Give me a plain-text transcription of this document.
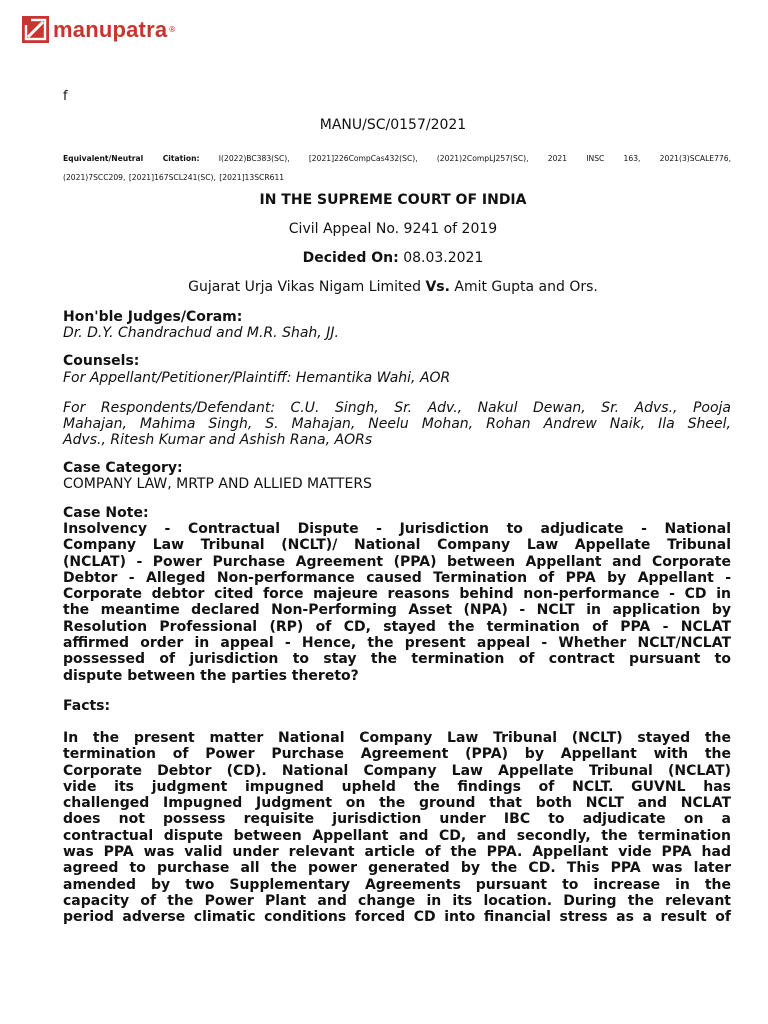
manupatra ®
f
MANU/SC/0157/2021
Equivalent/Neutral Citation:	I(2022)BC383(SC), [2021]226CompCas432(SC), (2021)2CompLJ257(SC), 2021 INSC 163, 2021(3)SCALE776,
(2021)7SCC209, [2021]167SCL241(SC), [2021]13SCR611
IN THE SUPREME COURT OF INDIA
Civil Appeal No. 9241 of 2019
Decided On: 08.03.2021
Gujarat Urja Vikas Nigam Limited Vs. Amit Gupta and Ors.
Hon'ble Judges/Coram:
Dr. D.Y. Chandrachud and M.R. Shah, JJ.
Counsels:
For Appellant/Petitioner/Plaintiff: Hemantika Wahi, AOR
For Respondents/Defendant: C.U. Singh, Sr. Adv., Nakul Dewan, Sr. Advs., Pooja
Mahajan, Mahima Singh, S. Mahajan, Neelu Mohan, Rohan Andrew Naik, Ila Sheel,
Advs., Ritesh Kumar and Ashish Rana, AORs
Case Category:
COMPANY LAW, MRTP AND ALLIED MATTERS
Case Note:
Insolvency - Contractual Dispute - Jurisdiction to adjudicate - National
Company Law Tribunal (NCLT)/ National Company Law Appellate Tribunal
(NCLAT) - Power Purchase Agreement (PPA) between Appellant and Corporate
Debtor - Alleged Non-performance caused Termination of PPA by Appellant -
Corporate debtor cited force majeure reasons behind non-performance - CD in
the meantime declared Non-Performing Asset (NPA) - NCLT in application by
Resolution Professional (RP) of CD, stayed the termination of PPA - NCLAT
affirmed order in appeal - Hence, the present appeal - Whether NCLT/NCLAT
possessed of jurisdiction to stay the termination of contract pursuant to
dispute between the parties thereto?
Facts:
In the present matter National Company Law Tribunal (NCLT) stayed the
termination of Power Purchase Agreement (PPA) by Appellant with the
Corporate Debtor (CD). National Company Law Appellate Tribunal (NCLAT)
vide its judgment impugned upheld the findings of NCLT. GUVNL has
challenged Impugned Judgment on the ground that both NCLT and NCLAT
does not possess requisite jurisdiction under IBC to adjudicate on a
contractual dispute between Appellant and CD, and secondly, the termination
was PPA was valid under relevant article of the PPA. Appellant vide PPA had
agreed to purchase all the power generated by the CD. This PPA was later
amended by two Supplementary Agreements pursuant to increase in the
capacity of the Power Plant and change in its location. During the relevant
period adverse climatic conditions forced CD into financial stress as a result of
